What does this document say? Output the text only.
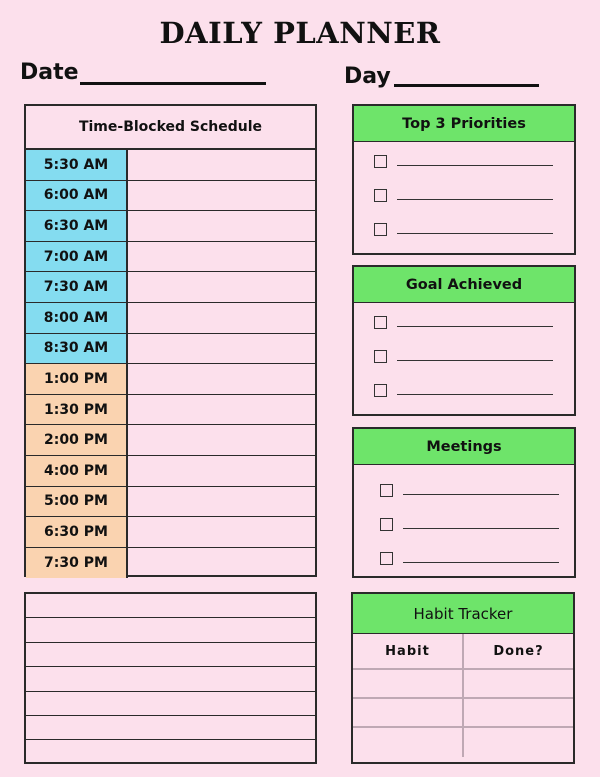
DAILY PLANNER
Date	Day
Time-Blocked Schedule
5:30 AM
6:00 AM
6:30 AM
7:00 AM
7:30 AM
8:00 AM
8:30 AM
1:00 PM
1:30 PM
2:00 PM
4:00 PM
5:00 PM
6:30 PM
7:30 PM
Top 3 Priorities
Goal Achieved
Meetings
Habit Tracker
Habit	Done?
